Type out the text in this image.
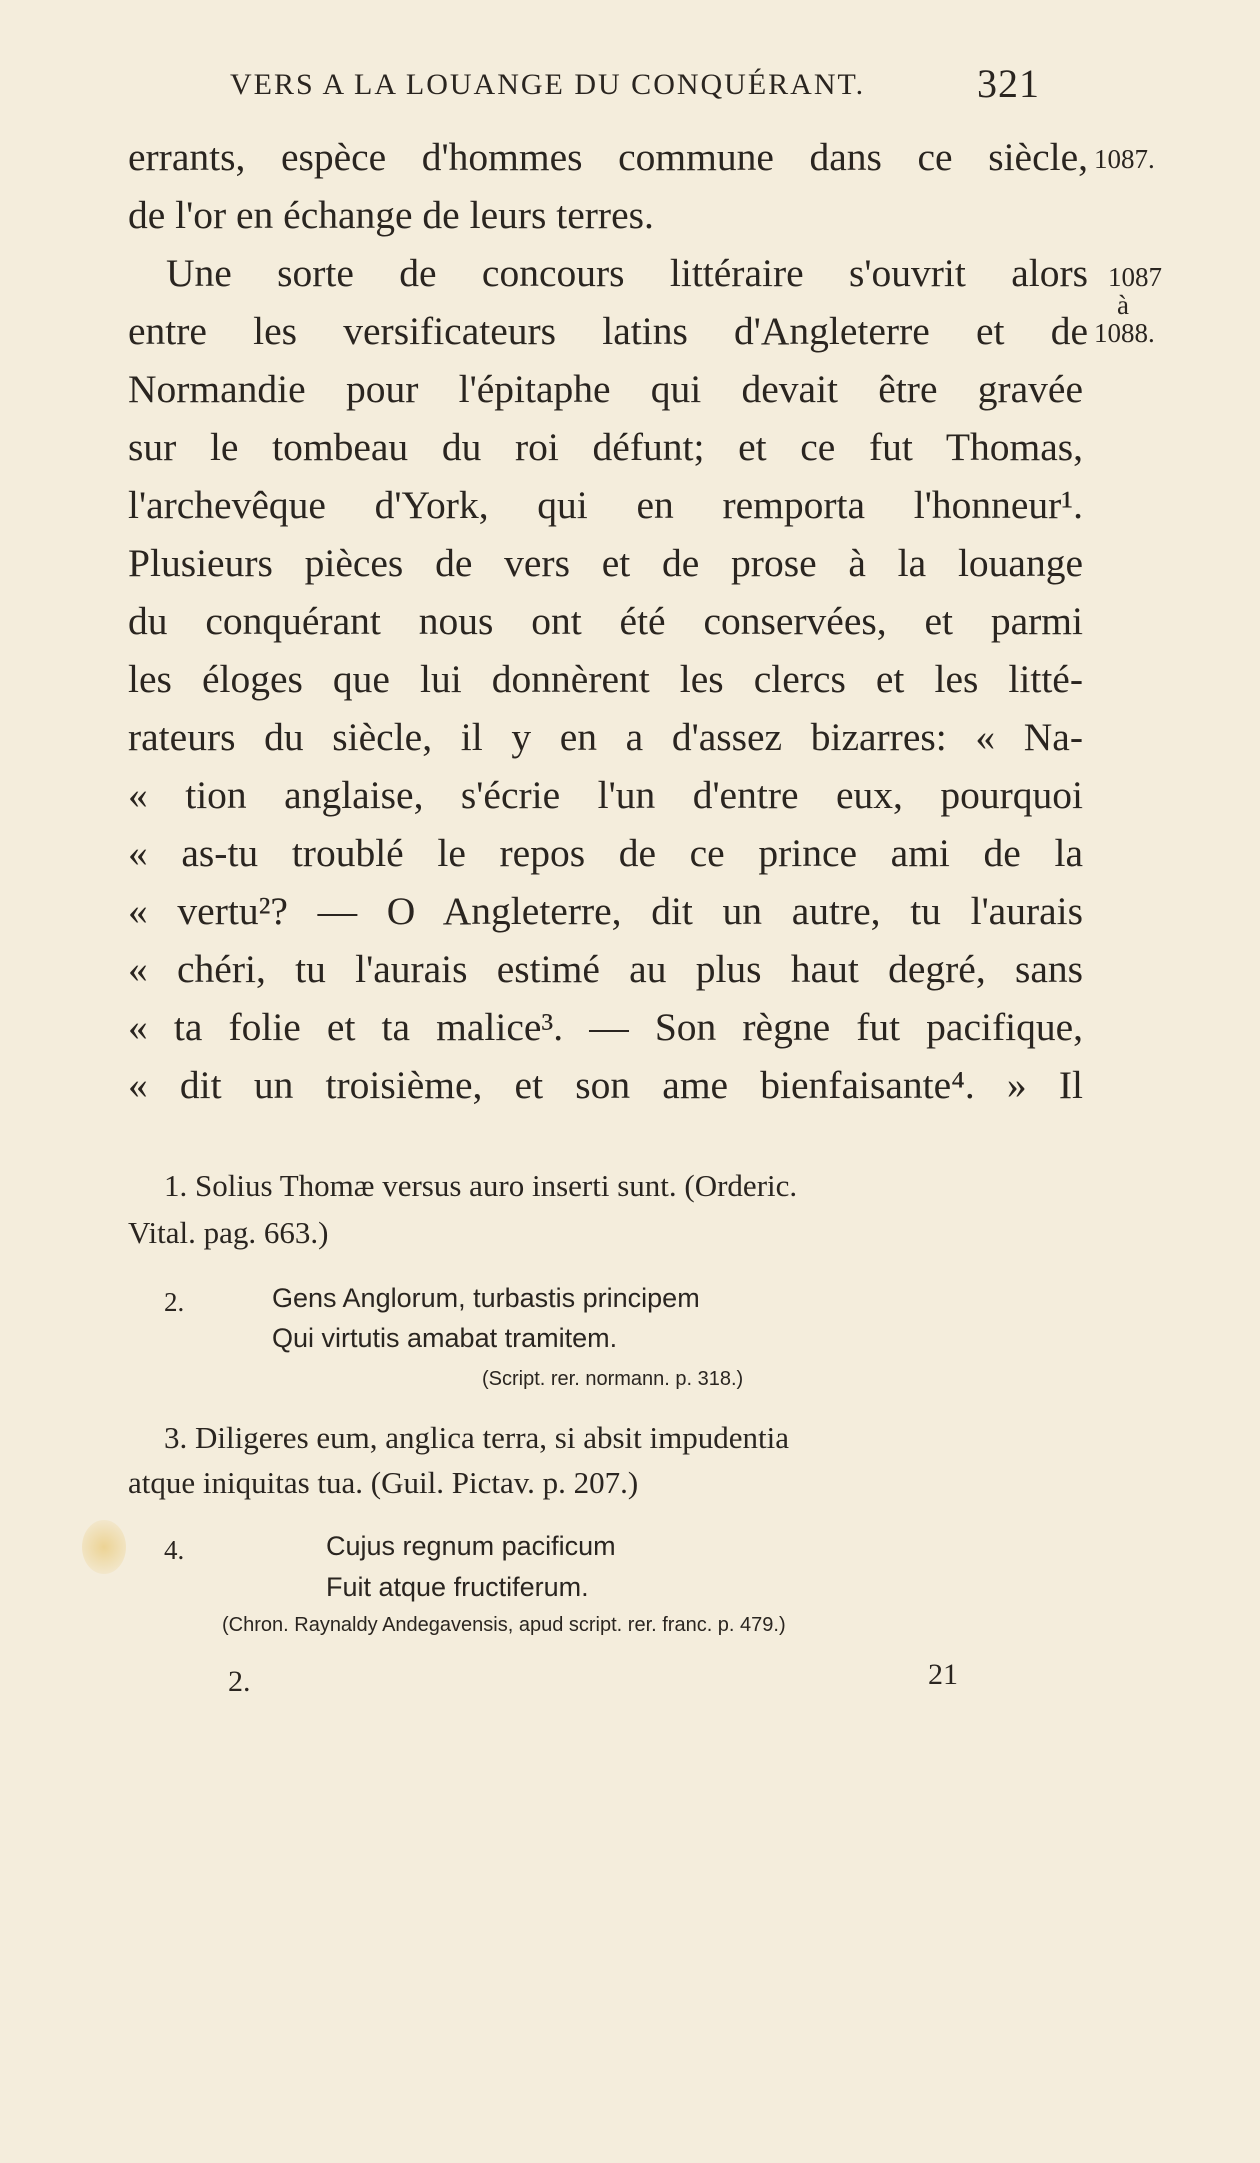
VERS A LA LOUANGE DU CONQUÉRANT.	321
errants, espèce d'hommes commune dans ce siècle,
de l'or en échange de leurs terres.
Une sorte de concours littéraire s'ouvrit alors
entre les versificateurs latins d'Angleterre et de
Normandie pour l'épitaphe qui devait être gravée
sur le tombeau du roi défunt; et ce fut Thomas,
l'archevêque d'York, qui en remporta l'honneur¹.
Plusieurs pièces de vers et de prose à la louange
du conquérant nous ont été conservées, et parmi
les éloges que lui donnèrent les clercs et les litté-
rateurs du siècle, il y en a d'assez bizarres: « Na-
« tion anglaise, s'écrie l'un d'entre eux, pourquoi
« as-tu troublé le repos de ce prince ami de la
« vertu²? — O Angleterre, dit un autre, tu l'aurais
« chéri, tu l'aurais estimé au plus haut degré, sans
« ta folie et ta malice³. — Son règne fut pacifique,
« dit un troisième, et son ame bienfaisante⁴. » Il
1087.
1087
à
1088.
1. Solius Thomæ versus auro inserti sunt. (Orderic.
Vital. pag. 663.)
2.	Gens Anglorum, turbastis principem
Qui virtutis amabat tramitem.
(Script. rer. normann. p. 318.)
3. Diligeres eum, anglica terra, si absit impudentia
atque iniquitas tua. (Guil. Pictav. p. 207.)
4.	Cujus regnum pacificum
Fuit atque fructiferum.
(Chron. Raynaldy Andegavensis, apud script. rer. franc. p. 479.)
2.	21
